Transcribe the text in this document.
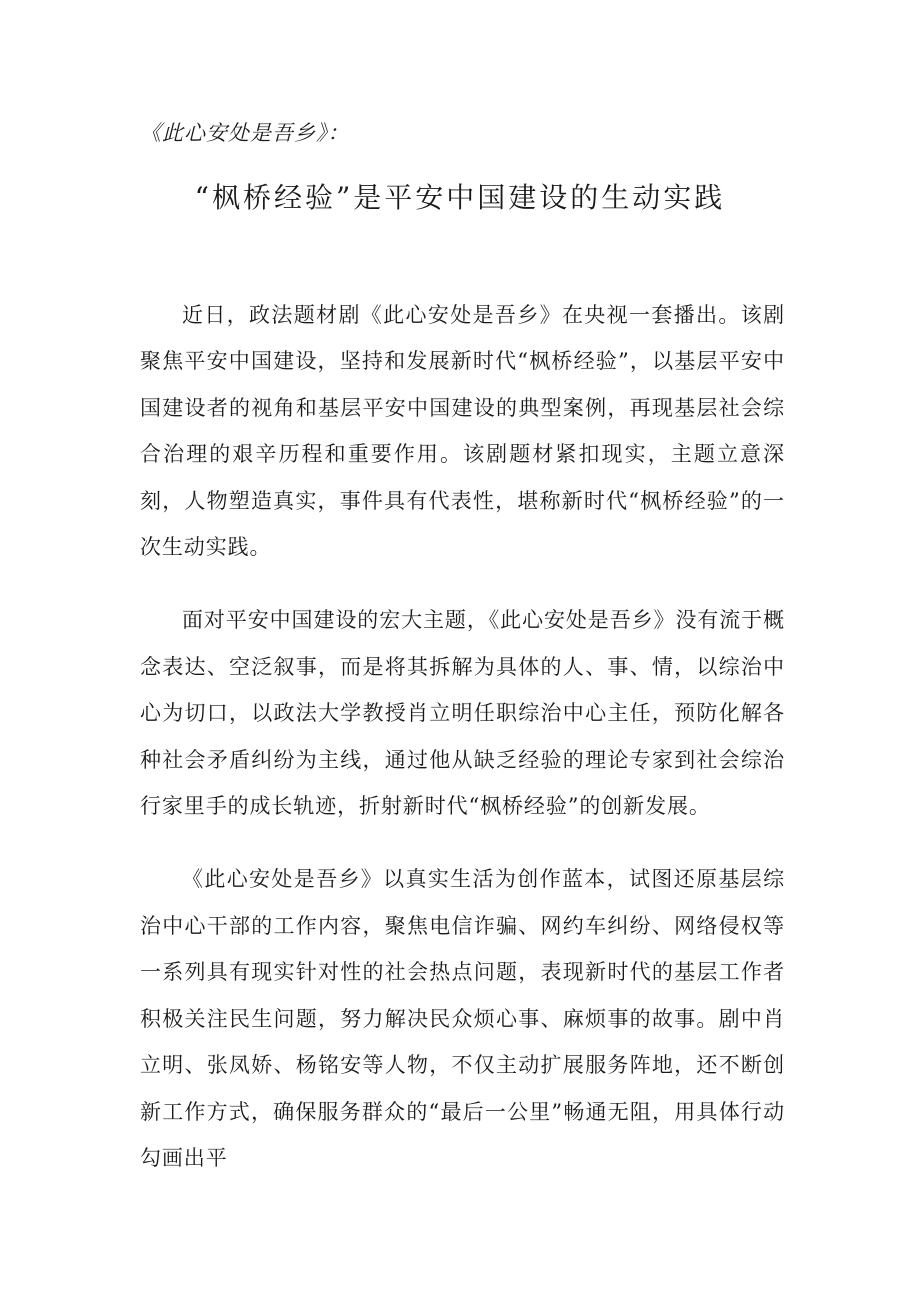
《此心安处是吾乡》：
“枫桥经验”是平安中国建设的生动实践

近日，政法题材剧《此心安处是吾乡》在央视一套播出。该剧聚焦平安中国建设，坚持和发展新时代“枫桥经验”，以基层平安中国建设者的视角和基层平安中国建设的典型案例，再现基层社会综合治理的艰辛历程和重要作用。该剧题材紧扣现实，主题立意深刻，人物塑造真实，事件具有代表性，堪称新时代“枫桥经验”的一次生动实践。

面对平安中国建设的宏大主题，《此心安处是吾乡》没有流于概念表达、空泛叙事，而是将其拆解为具体的人、事、情，以综治中心为切口，以政法大学教授肖立明任职综治中心主任，预防化解各种社会矛盾纠纷为主线，通过他从缺乏经验的理论专家到社会综治行家里手的成长轨迹，折射新时代“枫桥经验”的创新发展。

《此心安处是吾乡》以真实生活为创作蓝本，试图还原基层综治中心干部的工作内容，聚焦电信诈骗、网约车纠纷、网络侵权等一系列具有现实针对性的社会热点问题，表现新时代的基层工作者积极关注民生问题，努力解决民众烦心事、麻烦事的故事。剧中肖立明、张凤娇、杨铭安等人物，不仅主动扩展服务阵地，还不断创新工作方式，确保服务群众的“最后一公里”畅通无阻，用具体行动勾画出平
